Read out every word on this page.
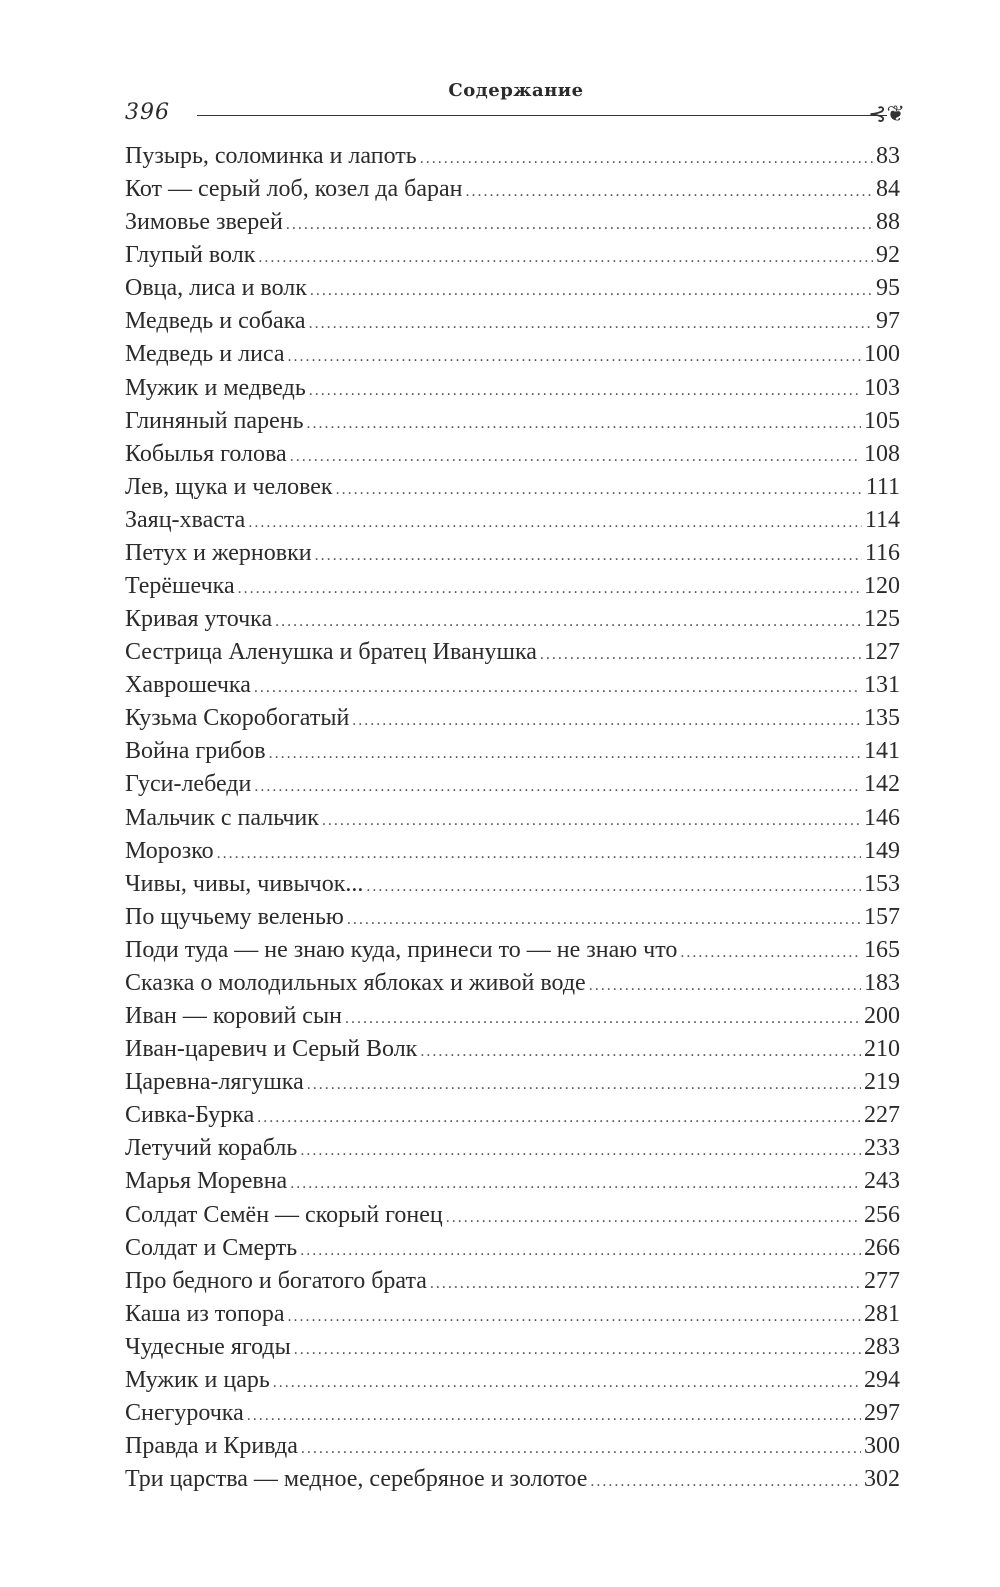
396
Содержание
⊰❦
Пузырь, соломинка и лапоть .....	83
Кот — серый лоб, козел да баран .....	84
Зимовье зверей .....	88
Глупый волк .....	92
Овца, лиса и волк .....	95
Медведь и собака .....	97
Медведь и лиса .....	100
Мужик и медведь .....	103
Глиняный парень .....	105
Кобылья голова .....	108
Лев, щука и человек .....	111
Заяц-хваста .....	114
Петух и жерновки .....	116
Терёшечка .....	120
Кривая уточка .....	125
Сестрица Аленушка и братец Иванушка .....	127
Хаврошечка .....	131
Кузьма Скоробогатый .....	135
Война грибов .....	141
Гуси-лебеди .....	142
Мальчик с пальчик .....	146
Морозко .....	149
Чивы, чивы, чивычок... .....	153
По щучьему веленью .....	157
Поди туда — не знаю куда, принеси то — не знаю что .....	165
Сказка о молодильных яблоках и живой воде .....	183
Иван — коровий сын .....	200
Иван-царевич и Серый Волк .....	210
Царевна-лягушка .....	219
Сивка-Бурка .....	227
Летучий корабль .....	233
Марья Моревна .....	243
Солдат Семён — скорый гонец .....	256
Солдат и Смерть .....	266
Про бедного и богатого брата .....	277
Каша из топора .....	281
Чудесные ягоды .....	283
Мужик и царь .....	294
Снегурочка .....	297
Правда и Кривда .....	300
Три царства — медное, серебряное и золотое .....	302
